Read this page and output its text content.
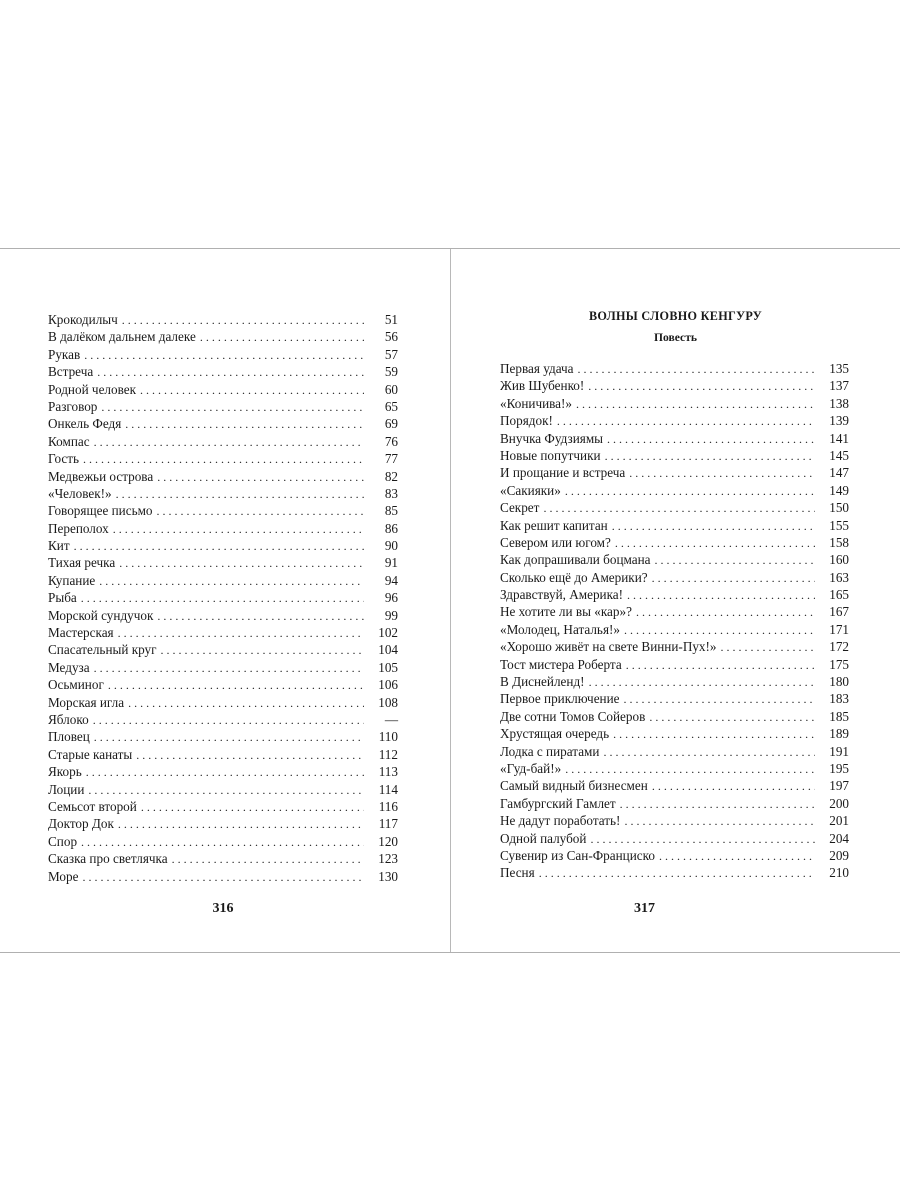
Крокодилыч . . .	51
В далёком дальнем далеке . . .	56
Рукав . . .	57
Встреча . . .	59
Родной человек . . .	60
Разговор . . .	65
Онкель Федя . . .	69
Компас . . .	76
Гость . . .	77
Медвежьи острова . . .	82
«Человек!» . . .	83
Говорящее письмо . . .	85
Переполох . . .	86
Кит . . .	90
Тихая речка . . .	91
Купание . . .	94
Рыба . . .	96
Морской сундучок . . .	99
Мастерская . . .	102
Спасательный круг . . .	104
Медуза . . .	105
Осьминог . . .	106
Морская игла . . .	108
Яблоко . . .	—
Пловец . . .	110
Старые канаты . . .	112
Якорь . . .	113
Лоции . . .	114
Семьсот второй . . .	116
Доктор Док . . .	117
Спор . . .	120
Сказка про светлячка . . .	123
Море . . .	130
316
ВОЛНЫ СЛОВНО КЕНГУРУ
Повесть
Первая удача . . .	135
Жив Шубенко! . . .	137
«Коничива!» . . .	138
Порядок! . . .	139
Внучка Фудзиямы . . .	141
Новые попутчики . . .	145
И прощание и встреча . . .	147
«Сакияки» . . .	149
Секрет . . .	150
Как решит капитан . . .	155
Севером или югом? . . .	158
Как допрашивали боцмана . . .	160
Сколько ещё до Америки? . . .	163
Здравствуй, Америка! . . .	165
Не хотите ли вы «кар»? . . .	167
«Молодец, Наталья!» . . .	171
«Хорошо живёт на свете Винни-Пух!» . . .	172
Тост мистера Роберта . . .	175
В Диснейленд! . . .	180
Первое приключение . . .	183
Две сотни Томов Сойеров . . .	185
Хрустящая очередь . . .	189
Лодка с пиратами . . .	191
«Гуд-бай!» . . .	195
Самый видный бизнесмен . . .	197
Гамбургский Гамлет . . .	200
Не дадут поработать! . . .	201
Одной палубой . . .	204
Сувенир из Сан-Франциско . . .	209
Песня . . .	210
317
